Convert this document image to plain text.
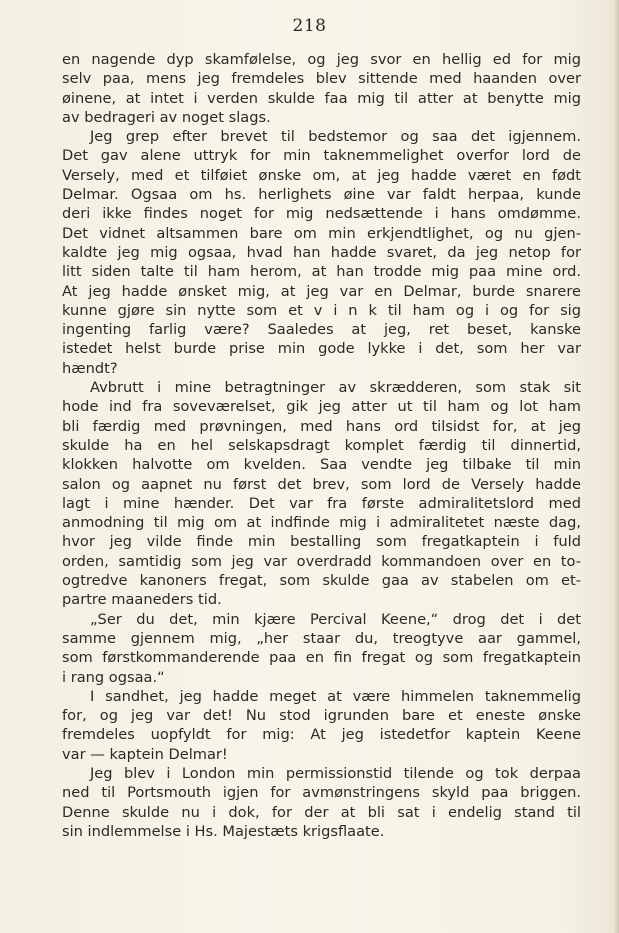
218
en nagende dyp skamfølelse, og jeg svor en hellig ed for mig
selv paa, mens jeg fremdeles blev sittende med haanden over
øinene, at intet i verden skulde faa mig til atter at benytte mig
av bedrageri av noget slags.
Jeg grep efter brevet til bedstemor og saa det igjennem.
Det gav alene uttryk for min taknemmelighet overfor lord de
Versely, med et tilføiet ønske om, at jeg hadde været en født
Delmar. Ogsaa om hs. herlighets øine var faldt herpaa, kunde
deri ikke findes noget for mig nedsættende i hans omdømme.
Det vidnet altsammen bare om min erkjendtlighet, og nu gjen-
kaldte jeg mig ogsaa, hvad han hadde svaret, da jeg netop for
litt siden talte til ham herom, at han trodde mig paa mine ord.
At jeg hadde ønsket mig, at jeg var en Delmar, burde snarere
kunne gjøre sin nytte som et v i n k til ham og i og for sig
ingenting farlig være? Saaledes at jeg, ret beset, kanske
istedet helst burde prise min gode lykke i det, som her var
hændt?
Avbrutt i mine betragtninger av skrædderen, som stak sit
hode ind fra soveværelset, gik jeg atter ut til ham og lot ham
bli færdig med prøvningen, med hans ord tilsidst for, at jeg
skulde ha en hel selskapsdragt komplet færdig til dinnertid,
klokken halvotte om kvelden. Saa vendte jeg tilbake til min
salon og aapnet nu først det brev, som lord de Versely hadde
lagt i mine hænder. Det var fra første admiralitetslord med
anmodning til mig om at indfinde mig i admiralitetet næste dag,
hvor jeg vilde finde min bestalling som fregatkaptein i fuld
orden, samtidig som jeg var overdradd kommandoen over en to-
ogtredve kanoners fregat, som skulde gaa av stabelen om et-
partre maaneders tid.
„Ser du det, min kjære Percival Keene,“ drog det i det
samme gjennem mig, „her staar du, treogtyve aar gammel,
som førstkommanderende paa en fin fregat og som fregatkaptein
i rang ogsaa.“
I sandhet, jeg hadde meget at være himmelen taknemmelig
for, og jeg var det! Nu stod igrunden bare et eneste ønske
fremdeles uopfyldt for mig: At jeg istedetfor kaptein Keene
var — kaptein Delmar!
Jeg blev i London min permissionstid tilende og tok derpaa
ned til Portsmouth igjen for avmønstringens skyld paa briggen.
Denne skulde nu i dok, for der at bli sat i endelig stand til
sin indlemmelse i Hs. Majestæts krigsflaate.
